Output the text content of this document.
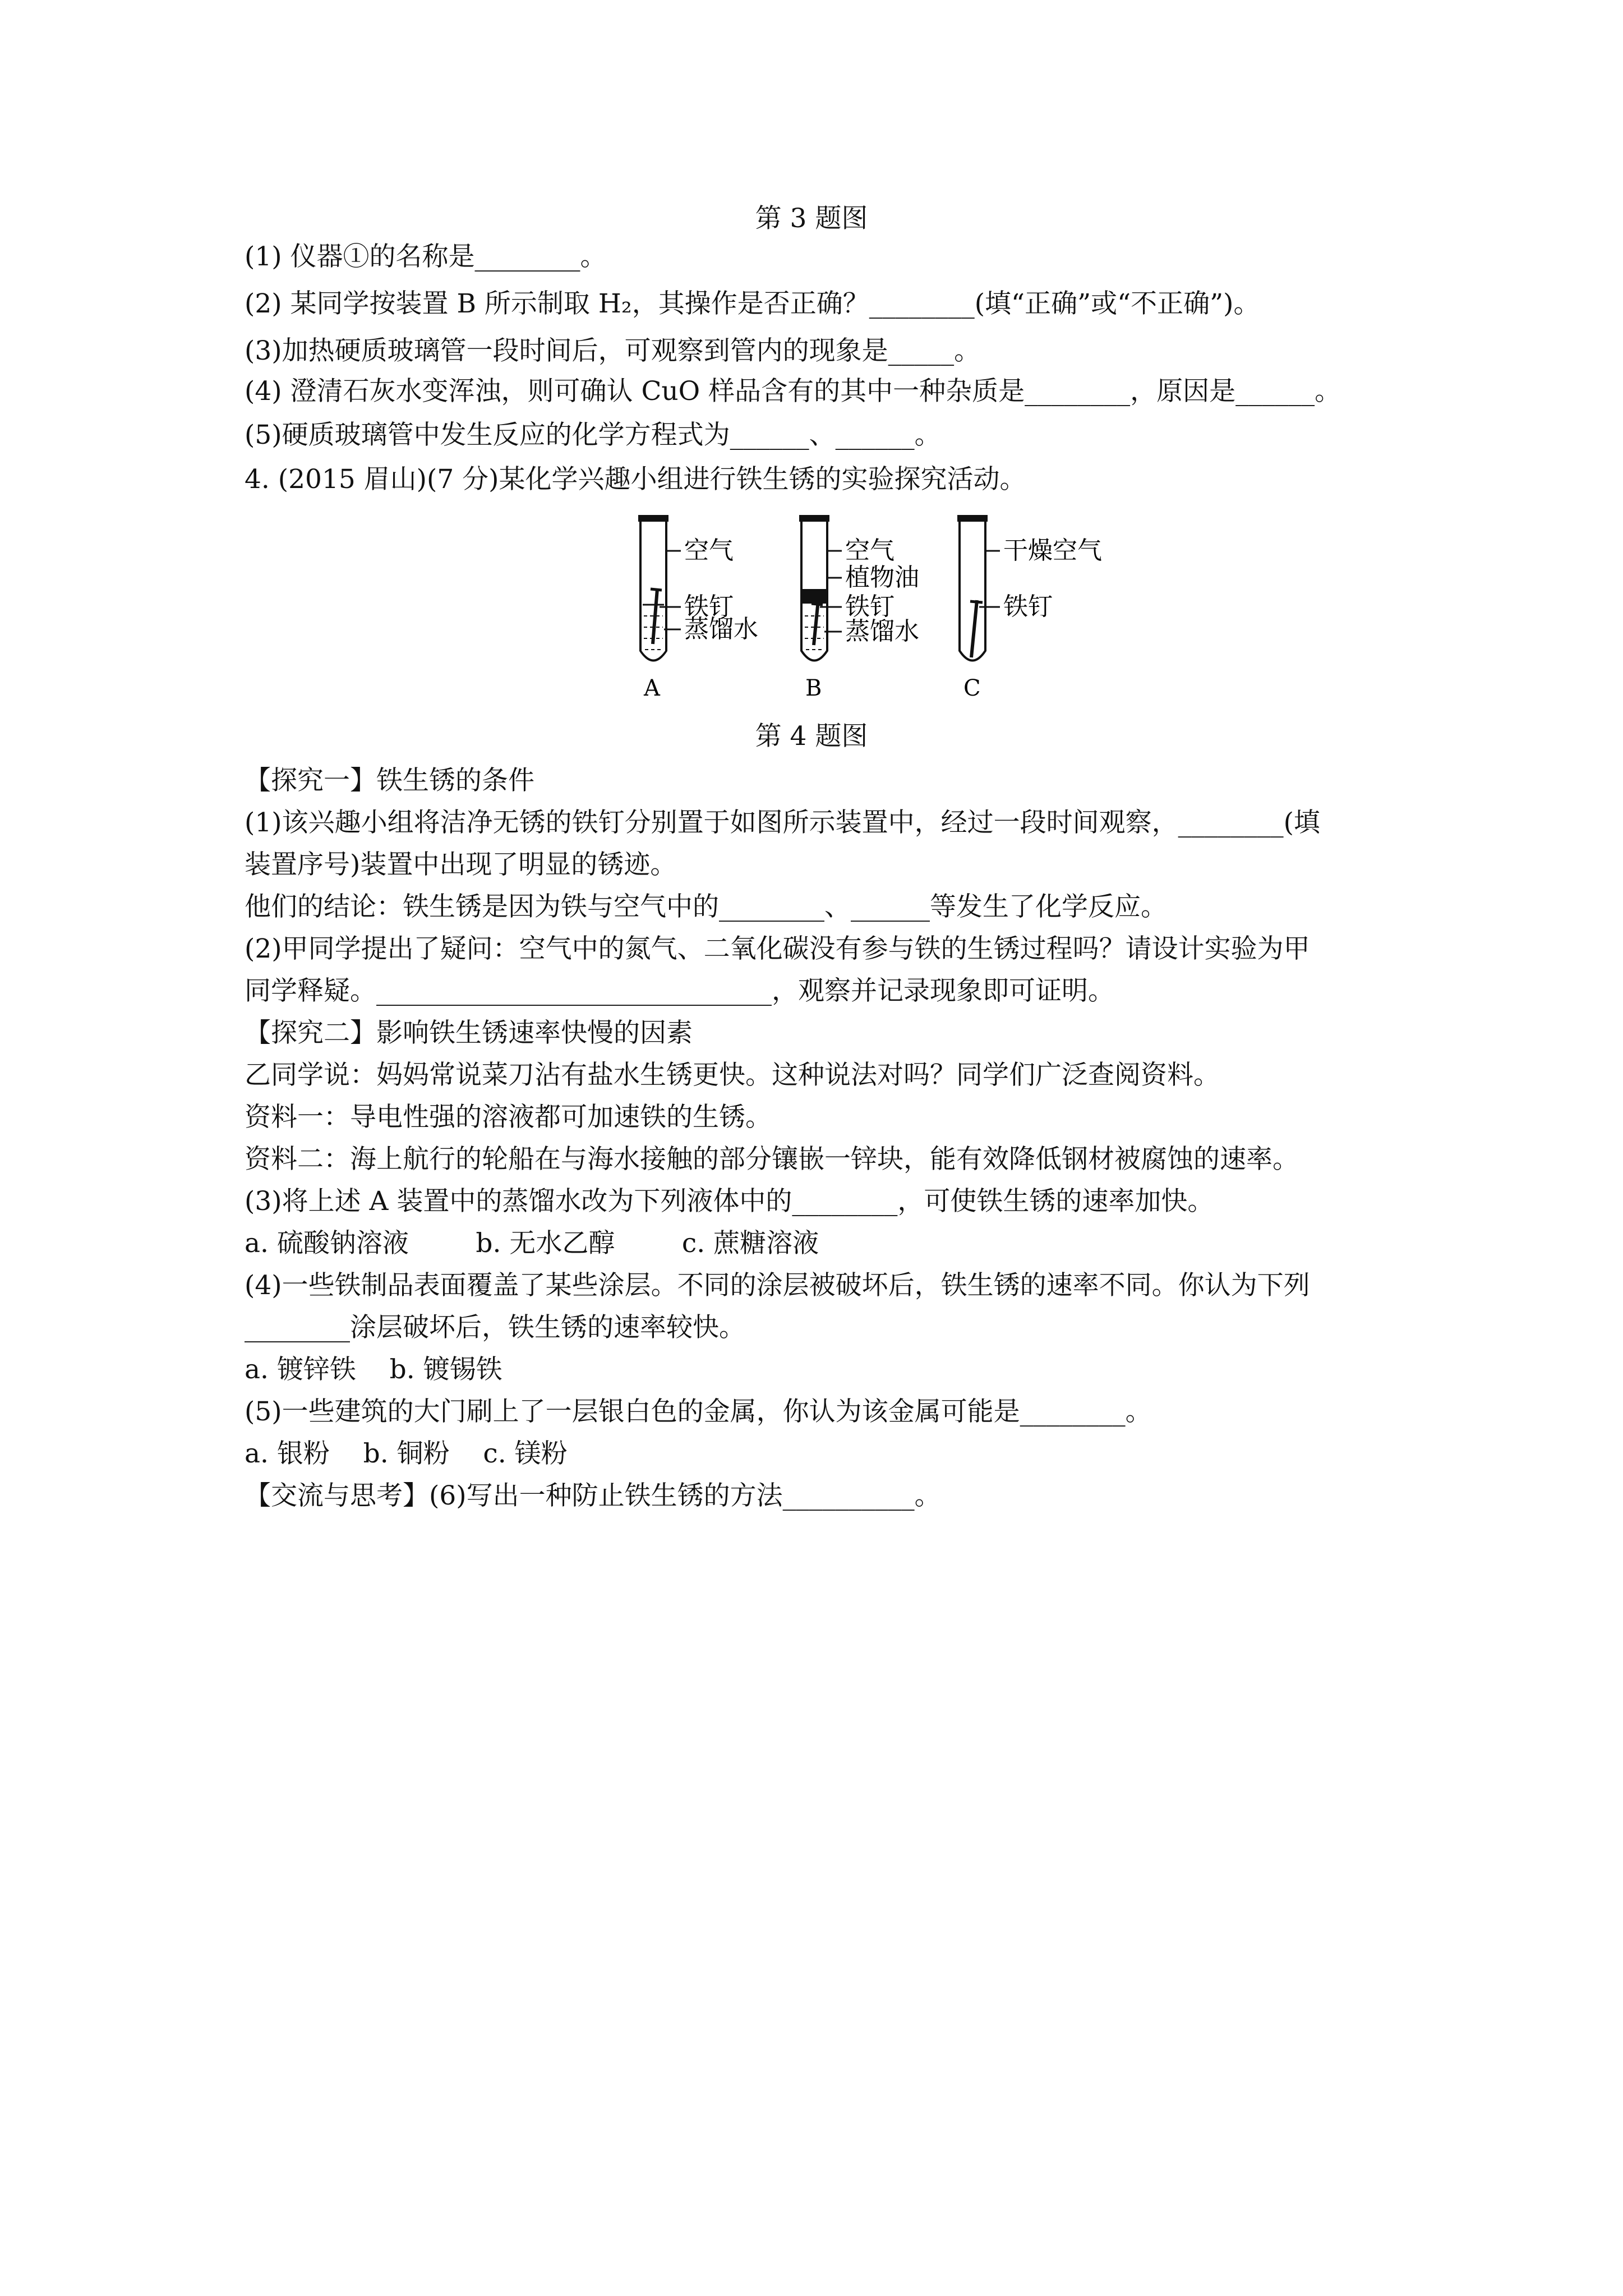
第 3 题图
(1) 仪器①的名称是________。
(2) 某同学按装置 B 所示制取 H₂，其操作是否正确？________(填“正确”或“不正确”)。
(3)加热硬质玻璃管一段时间后，可观察到管内的现象是_____。
(4) 澄清石灰水变浑浊，则可确认 CuO 样品含有的其中一种杂质是________，原因是______。
(5)硬质玻璃管中发生反应的化学方程式为______、______。
4. (2015 眉山)(7 分)某化学兴趣小组进行铁生锈的实验探究活动。
空气
铁钉
蒸馏水
A
空气
植物油
铁钉
蒸馏水
B
干燥空气
铁钉
C
第 4 题图
【探究一】铁生锈的条件
(1)该兴趣小组将洁净无锈的铁钉分别置于如图所示装置中，经过一段时间观察，________(填
装置序号)装置中出现了明显的锈迹。
他们的结论：铁生锈是因为铁与空气中的________、______等发生了化学反应。
(2)甲同学提出了疑问：空气中的氮气、二氧化碳没有参与铁的生锈过程吗？请设计实验为甲
同学释疑。______________________________，观察并记录现象即可证明。
【探究二】影响铁生锈速率快慢的因素
乙同学说：妈妈常说菜刀沾有盐水生锈更快。这种说法对吗？同学们广泛查阅资料。
资料一：导电性强的溶液都可加速铁的生锈。
资料二：海上航行的轮船在与海水接触的部分镶嵌一锌块，能有效降低钢材被腐蚀的速率。
(3)将上述 A 装置中的蒸馏水改为下列液体中的________，可使铁生锈的速率加快。
a. 硫酸钠溶液        b. 无水乙醇        c. 蔗糖溶液
(4)一些铁制品表面覆盖了某些涂层。不同的涂层被破坏后，铁生锈的速率不同。你认为下列
________涂层破坏后，铁生锈的速率较快。
a. 镀锌铁    b. 镀锡铁
(5)一些建筑的大门刷上了一层银白色的金属，你认为该金属可能是________。
a. 银粉    b. 铜粉    c. 镁粉
【交流与思考】(6)写出一种防止铁生锈的方法__________。
